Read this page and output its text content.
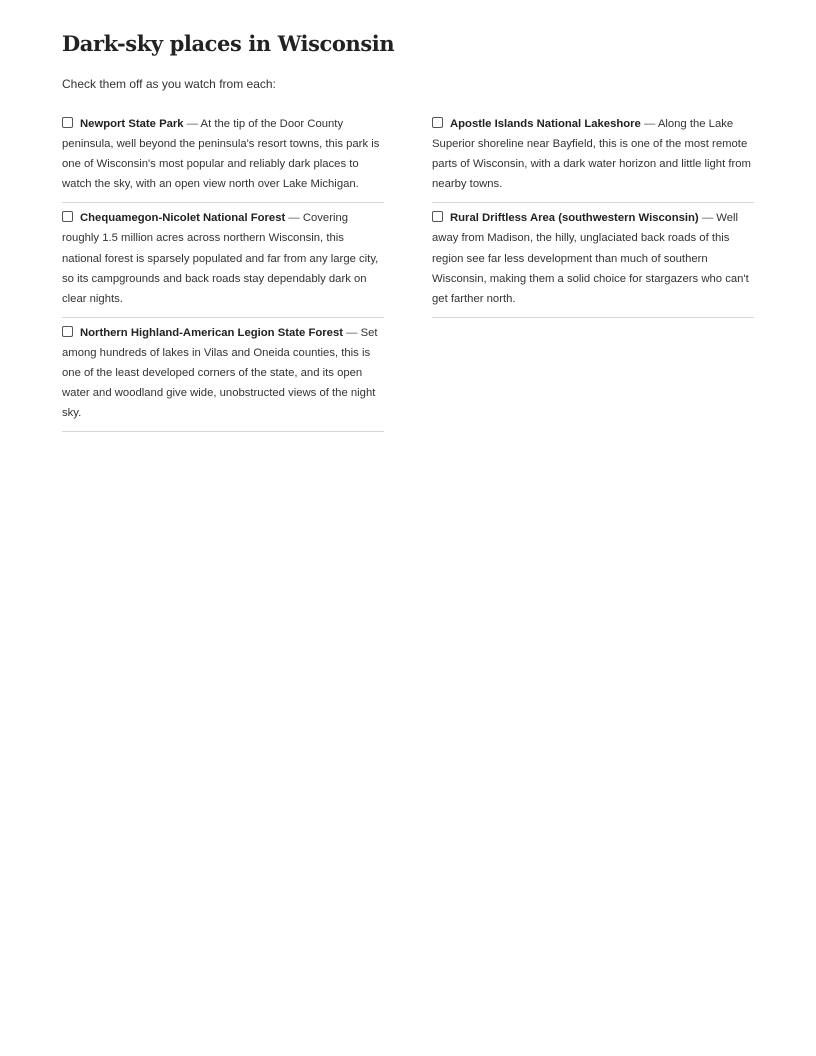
Dark-sky places in Wisconsin
Check them off as you watch from each:
Newport State Park — At the tip of the Door County peninsula, well beyond the peninsula's resort towns, this park is one of Wisconsin's most popular and reliably dark places to watch the sky, with an open view north over Lake Michigan.
Chequamegon-Nicolet National Forest — Covering roughly 1.5 million acres across northern Wisconsin, this national forest is sparsely populated and far from any large city, so its campgrounds and back roads stay dependably dark on clear nights.
Northern Highland-American Legion State Forest — Set among hundreds of lakes in Vilas and Oneida counties, this is one of the least developed corners of the state, and its open water and woodland give wide, unobstructed views of the night sky.
Apostle Islands National Lakeshore — Along the Lake Superior shoreline near Bayfield, this is one of the most remote parts of Wisconsin, with a dark water horizon and little light from nearby towns.
Rural Driftless Area (southwestern Wisconsin) — Well away from Madison, the hilly, unglaciated back roads of this region see far less development than much of southern Wisconsin, making them a solid choice for stargazers who can't get farther north.
